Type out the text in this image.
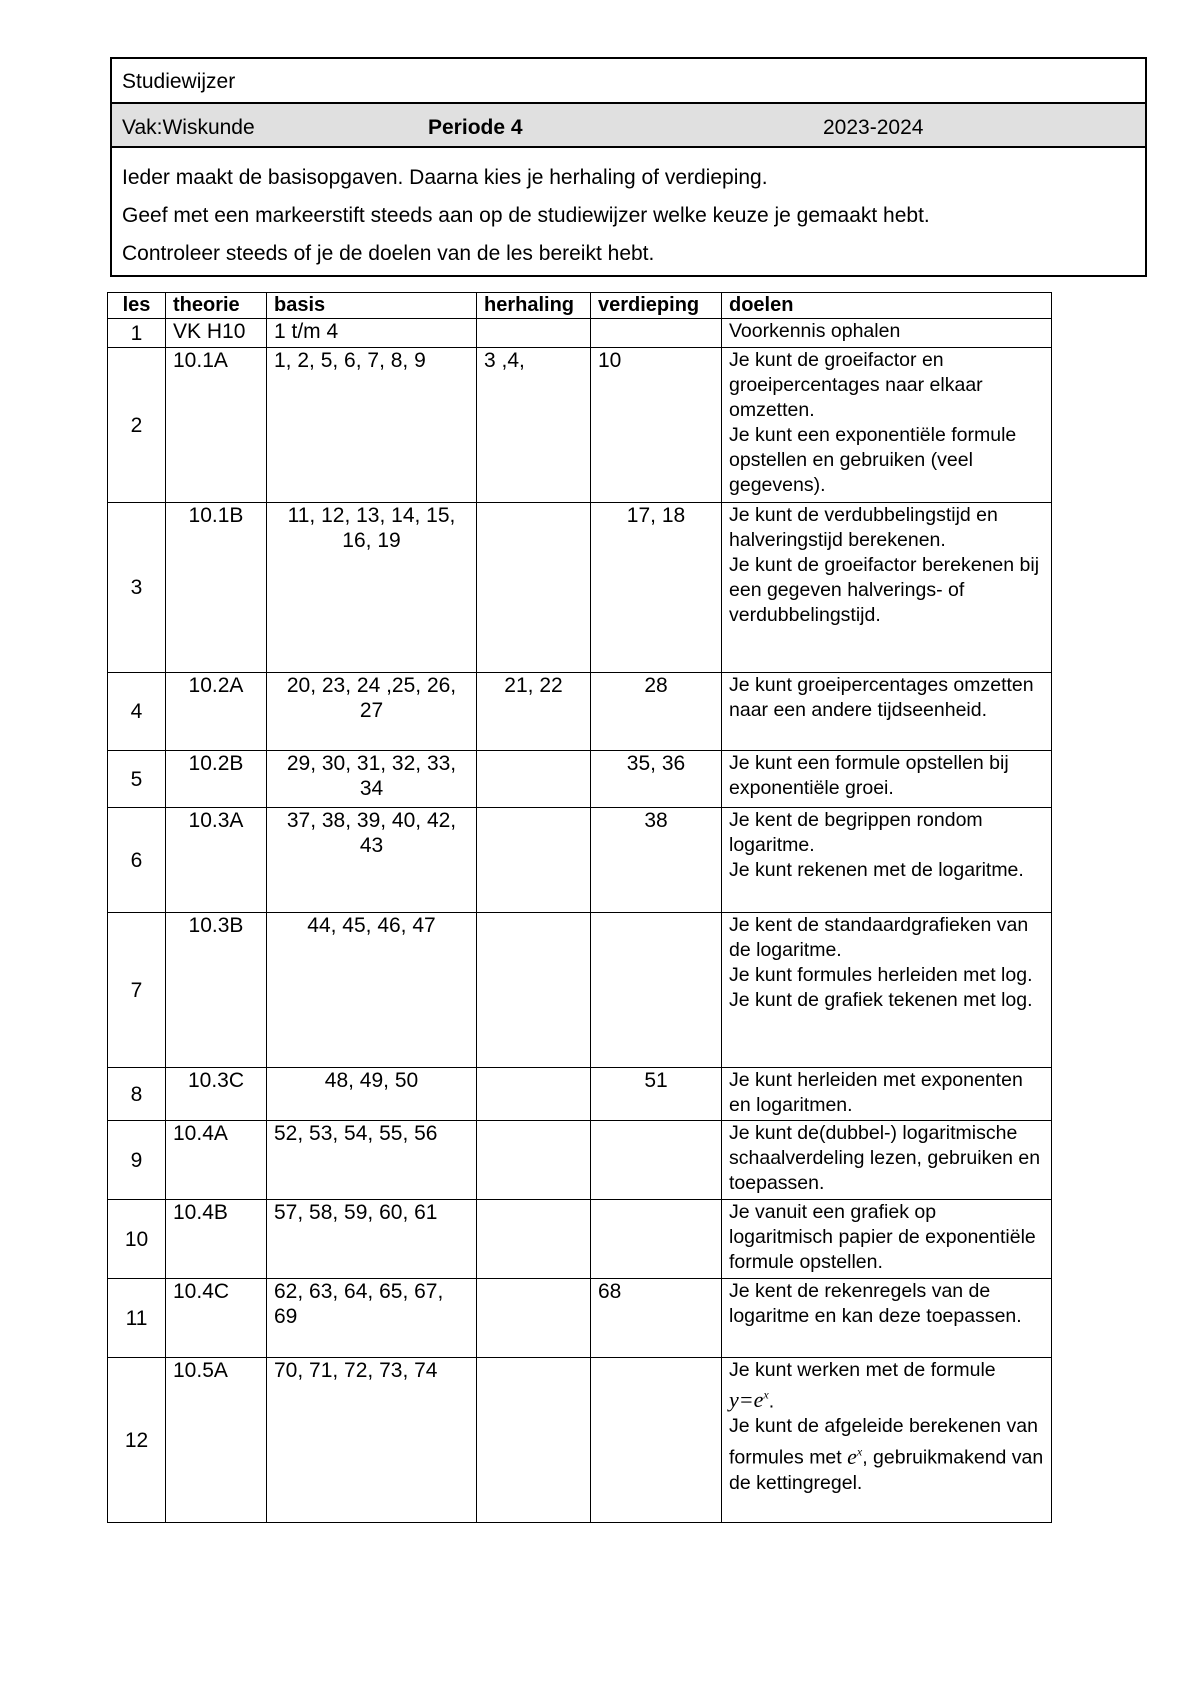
Studiewijzer
Vak:Wiskunde	Periode 4	2023-2024
Ieder maakt de basisopgaven. Daarna kies je herhaling of verdieping.
Geef met een markeerstift steeds aan op de studiewijzer welke keuze je gemaakt hebt.
Controleer steeds of je de doelen van de les bereikt hebt.
les	theorie	basis	herhaling	verdieping	doelen
1	VK H10	1 t/m 4			Voorkennis ophalen

2	10.1A	1, 2, 5, 6, 7, 8, 9	3 ,4,	10	Je kunt de groeifactor en groeipercentages naar elkaar omzetten.
Je kunt een exponentiële formule opstellen en gebruiken (veel gegevens).

3	10.1B	11, 12, 13, 14, 15, 16, 19		17, 18	Je kunt de verdubbelingstijd en halveringstijd berekenen.
Je kunt de groeifactor berekenen bij een gegeven halverings- of verdubbelingstijd.

4	10.2A	20, 23, 24 ,25, 26, 27	21, 22	28	Je kunt groeipercentages omzetten naar een andere tijdseenheid.

5	10.2B	29, 30, 31, 32, 33, 34		35, 36	Je kunt een formule opstellen bij exponentiële groei.

6	10.3A	37, 38, 39, 40, 42, 43		38	Je kent de begrippen rondom logaritme.
Je kunt rekenen met de logaritme.

7	10.3B	44, 45, 46, 47			Je kent de standaardgrafieken van de logaritme.
Je kunt formules herleiden met log.
Je kunt de grafiek tekenen met log.

8	10.3C	48, 49, 50		51	Je kunt herleiden met exponenten en logaritmen.

9	10.4A	52, 53, 54, 55, 56			Je kunt de(dubbel-) logaritmische schaalverdeling lezen, gebruiken en toepassen.

10	10.4B	57, 58, 59, 60, 61			Je vanuit een grafiek op logaritmisch papier de exponentiële formule opstellen.

11	10.4C	62, 63, 64, 65, 67, 69		68	Je kent de rekenregels van de logaritme en kan deze toepassen.

12	10.5A	70, 71, 72, 73, 74			Je kunt werken met de formule $y=e^x$.
Je kunt de afgeleide berekenen van formules met $e^x$, gebruikmakend van de kettingregel.
